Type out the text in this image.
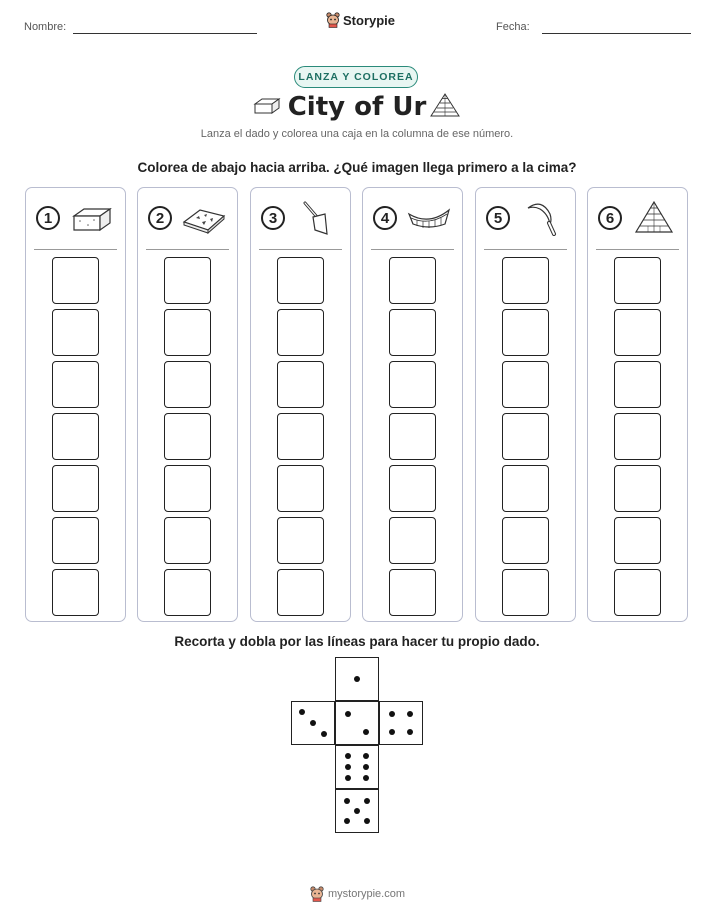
Nombre:	Storypie	Fecha:
LANZA Y COLOREA
City of Ur
Lanza el dado y colorea una caja en la columna de ese número.
Colorea de abajo hacia arriba. ¿Qué imagen llega primero a la cima?
1	2	3	4	5	6
Recorta y dobla por las líneas para hacer tu propio dado.
mystorypie.com
